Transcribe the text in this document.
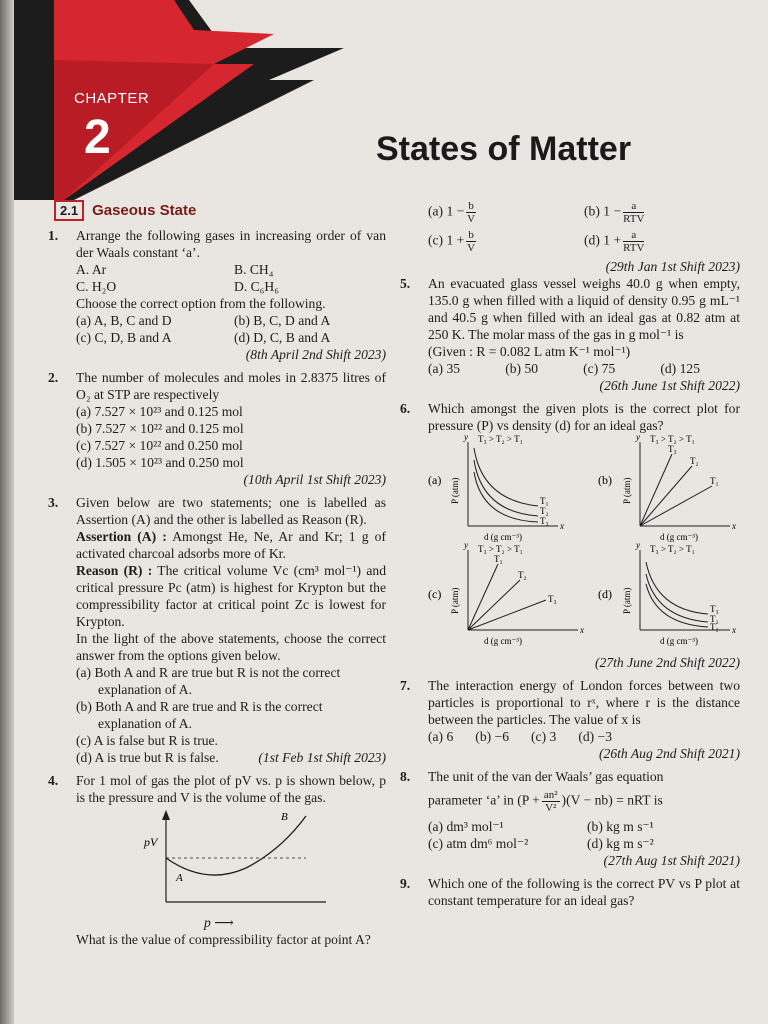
CHAPTER
2	States of Matter
2.1 Gaseous State
1.	Arrange the following gases in increasing order of van der Waals constant ‘a’.
A. Ar	B. CH₄
C. H₂O	D. C₆H₆
Choose the correct option from the following.
(a) A, B, C and D	(b) B, C, D and A
(c) C, D, B and A	(d) D, C, B and A
(8th April 2nd Shift 2023)
2.	The number of molecules and moles in 2.8375 litres of O₂ at STP are respectively
(a) 7.527 × 10²³ and 0.125 mol
(b) 7.527 × 10²² and 0.125 mol
(c) 7.527 × 10²² and 0.250 mol
(d) 1.505 × 10²³ and 0.250 mol
(10th April 1st Shift 2023)
3.	Given below are two statements; one is labelled as Assertion (A) and the other is labelled as Reason (R).
Assertion (A) : Amongst He, Ne, Ar and Kr; 1 g of activated charcoal adsorbs more of Kr.
Reason (R) : The critical volume Vc (cm³ mol⁻¹) and critical pressure Pc (atm) is highest for Krypton but the compressibility factor at critical point Zc is lowest for Krypton.
In the light of the above statements, choose the correct answer from the options given below.
(a) Both A and R are true but R is not the correct explanation of A.
(b) Both A and R are true and R is the correct explanation of A.
(c) A is false but R is true.
(d) A is true but R is false.	(1st Feb 1st Shift 2023)
4.	For 1 mol of gas the plot of pV vs. p is shown below, p is the pressure and V is the volume of the gas.
pV
A
B
p ⟶
What is the value of compressibility factor at point A?
(a) $1 - \frac{b}{V}$	(b) $1 - \frac{a}{\text{RTV}}$
(c) $1 + \frac{b}{V}$	(d) $1 + \frac{a}{\text{RTV}}$
(29th Jan 1st Shift 2023)
5.	An evacuated glass vessel weighs 40.0 g when empty, 135.0 g when filled with a liquid of density 0.95 g mL⁻¹ and 40.5 g when filled with an ideal gas at 0.82 atm at 250 K. The molar mass of the gas in g mol⁻¹ is
(Given : R = 0.082 L atm K⁻¹ mol⁻¹)
(a) 35	(b) 50	(c) 75	(d) 125
(26th June 1st Shift 2022)
6.	Which amongst the given plots is the correct plot for pressure (P) vs density (d) for an ideal gas?
(a)
y
x
T₃ > T₂ > T₁
T₁
T₂
T₃
P (atm)
d (g cm⁻³)
(b)
y
x
T₃ > T₂ > T₁
T₃
T₂
T₁
P (atm)
d (g cm⁻³)
(c)
y
x
T₃ > T₂ > T₁
T₁
T₂
T₃
P (atm)
d (g cm⁻³)
(d)
y
x
T₃ > T₂ > T₁
T₃
T₂
T₁
P (atm)
d (g cm⁻³)
(27th June 2nd Shift 2022)
7.	The interaction energy of London forces between two particles is proportional to rˣ, where r is the distance between the particles. The value of x is
(a) 6 (b) −6 (c) 3 (d) −3
(26th Aug 2nd Shift 2021)
8.	The unit of the van der Waals’ gas equation
parameter ‘a’ in $(P + \frac{\text{an²}}{\text{V²}} )(V - nb)$ = nRT is
(a) dm³ mol⁻¹	(b) kg m s⁻¹
(c) atm dm⁶ mol⁻²	(d) kg m s⁻²
(27th Aug 1st Shift 2021)
9.	Which one of the following is the correct PV vs P plot at constant temperature for an ideal gas?
